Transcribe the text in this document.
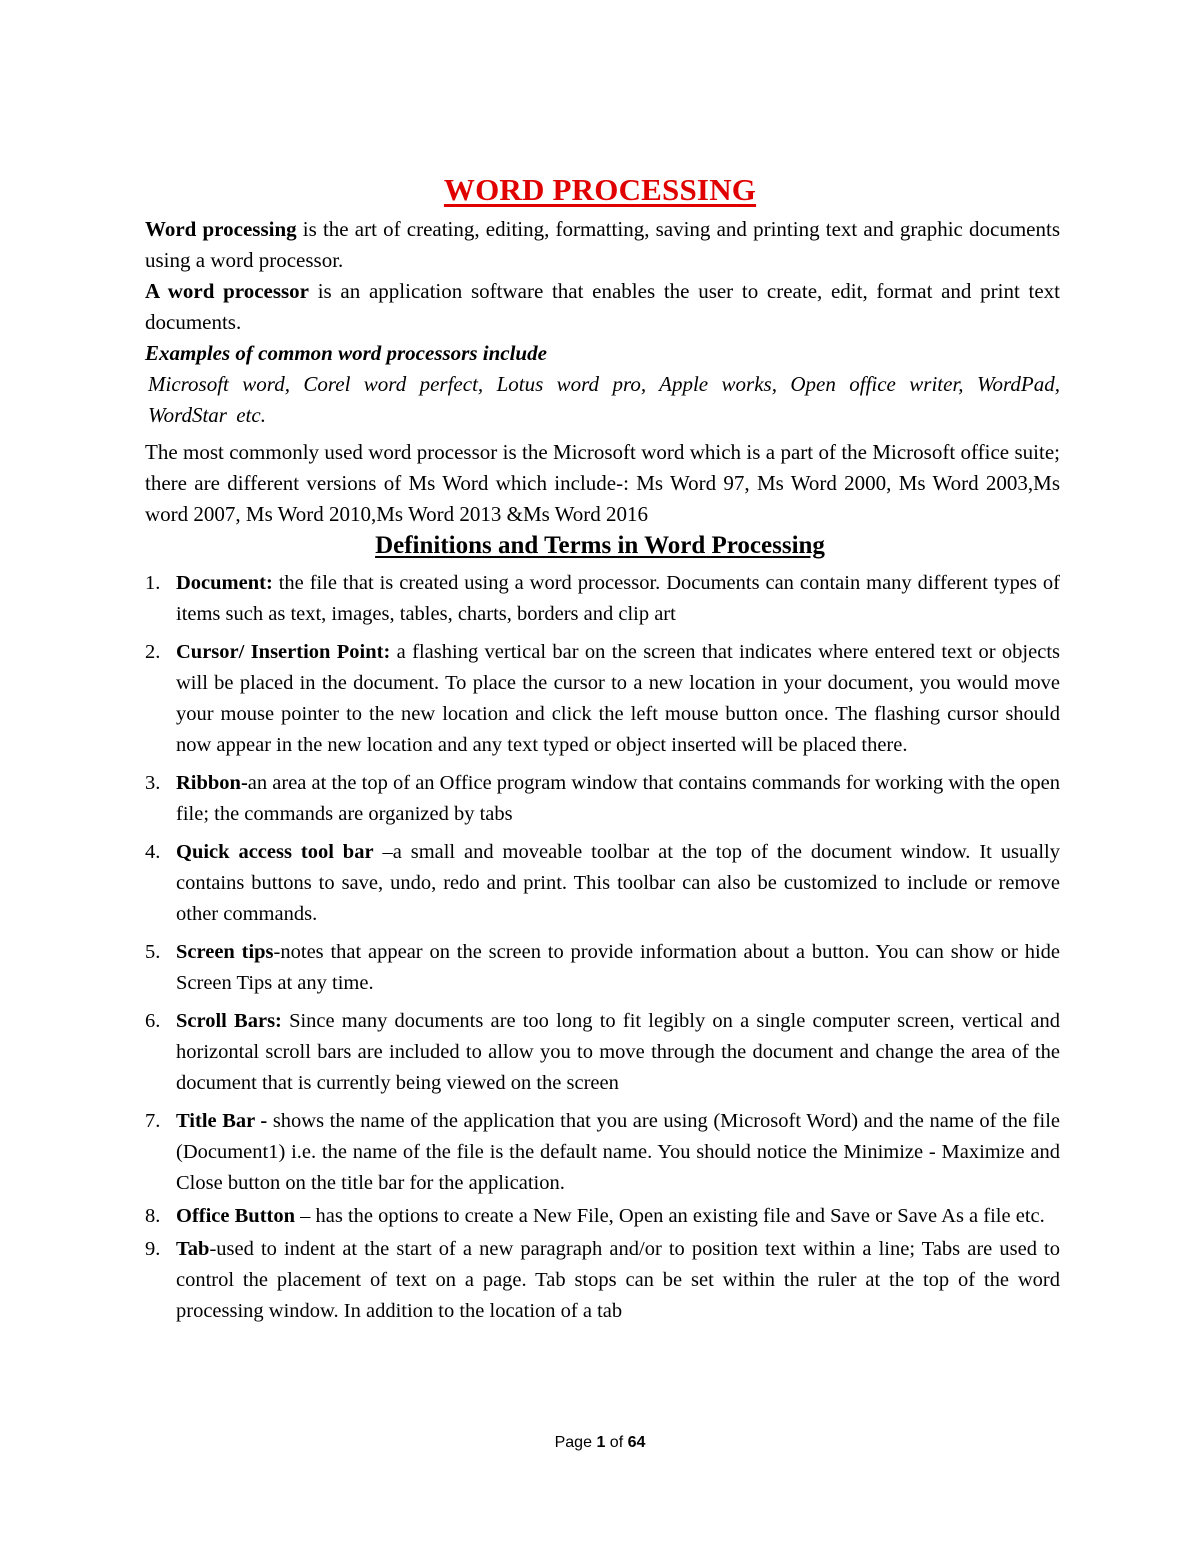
WORD PROCESSING

Word processing is the art of creating, editing, formatting, saving and printing text and graphic documents using a word processor.

A word processor is an application software that enables the user to create, edit, format and print text documents.

Examples of common word processors include

Microsoft word, Corel word perfect, Lotus word pro, Apple works, Open office writer, WordPad, WordStar etc.

The most commonly used word processor is the Microsoft word which is a part of the Microsoft office suite; there are different versions of Ms Word which include-: Ms Word 97, Ms Word 2000, Ms Word 2003,Ms word 2007, Ms Word 2010,Ms Word 2013 &Ms Word 2016

Definitions and Terms in Word Processing
1. Document: the file that is created using a word processor. Documents can contain many different types of items such as text, images, tables, charts, borders and clip art
2. Cursor/ Insertion Point: a flashing vertical bar on the screen that indicates where entered text or objects will be placed in the document. To place the cursor to a new location in your document, you would move your mouse pointer to the new location and click the left mouse button once. The flashing cursor should now appear in the new location and any text typed or object inserted will be placed there.
3. Ribbon-an area at the top of an Office program window that contains commands for working with the open file; the commands are organized by tabs
4. Quick access tool bar –a small and moveable toolbar at the top of the document window. It usually contains buttons to save, undo, redo and print. This toolbar can also be customized to include or remove other commands.
5. Screen tips-notes that appear on the screen to provide information about a button. You can show or hide Screen Tips at any time.
6. Scroll Bars: Since many documents are too long to fit legibly on a single computer screen, vertical and horizontal scroll bars are included to allow you to move through the document and change the area of the document that is currently being viewed on the screen
7. Title Bar - shows the name of the application that you are using (Microsoft Word) and the name of the file (Document1) i.e. the name of the file is the default name. You should notice the Minimize - Maximize and Close button on the title bar for the application.
8. Office Button – has the options to create a New File, Open an existing file and Save or Save As a file etc.
9. Tab-used to indent at the start of a new paragraph and/or to position text within a line; Tabs are used to control the placement of text on a page. Tab stops can be set within the ruler at the top of the word processing window. In addition to the location of a tab
Page 1 of 64
